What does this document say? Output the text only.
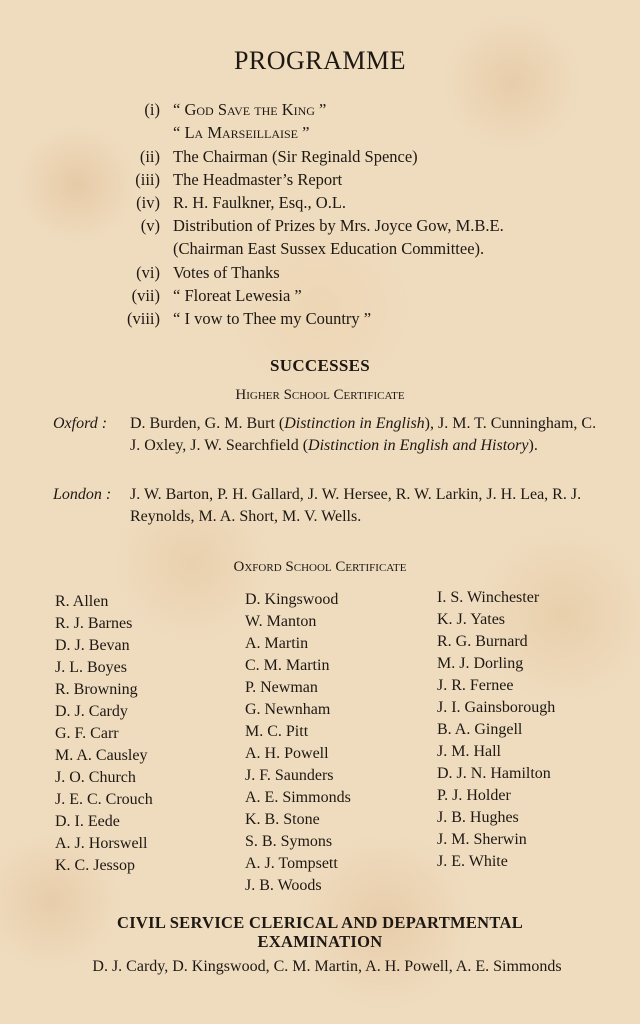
PROGRAMME
(i) “ God Save the King ”
“ La Marseillaise ”
(ii) The Chairman (Sir Reginald Spence)
(iii) The Headmaster’s Report
(iv) R. H. Faulkner, Esq., O.L.
(v) Distribution of Prizes by Mrs. Joyce Gow, M.B.E.
(Chairman East Sussex Education Committee).
(vi) Votes of Thanks
(vii) “ Floreat Lewesia ”
(viii) “ I vow to Thee my Country ”
SUCCESSES
Higher School Certificate
Oxford : D. Burden, G. M. Burt (Distinction in English), J. M. T. Cunningham, C. J. Oxley, J. W. Searchfield (Distinction in English and History).
London : J. W. Barton, P. H. Gallard, J. W. Hersee, R. W. Larkin, J. H. Lea, R. J. Reynolds, M. A. Short, M. V. Wells.
Oxford School Certificate
R. Allen
R. J. Barnes
D. J. Bevan
J. L. Boyes
R. Browning
D. J. Cardy
G. F. Carr
M. A. Causley
J. O. Church
J. E. C. Crouch
D. I. Eede
A. J. Horswell
K. C. Jessop
D. Kingswood
W. Manton
A. Martin
C. M. Martin
P. Newman
G. Newnham
M. C. Pitt
A. H. Powell
J. F. Saunders
A. E. Simmonds
K. B. Stone
S. B. Symons
A. J. Tompsett
J. B. Woods
I. S. Winchester
K. J. Yates
R. G. Burnard
M. J. Dorling
J. R. Fernee
J. I. Gainsborough
B. A. Gingell
J. M. Hall
D. J. N. Hamilton
P. J. Holder
J. B. Hughes
J. M. Sherwin
J. E. White
CIVIL SERVICE CLERICAL AND DEPARTMENTAL
EXAMINATION
D. J. Cardy, D. Kingswood, C. M. Martin, A. H. Powell, A. E. Simmonds
